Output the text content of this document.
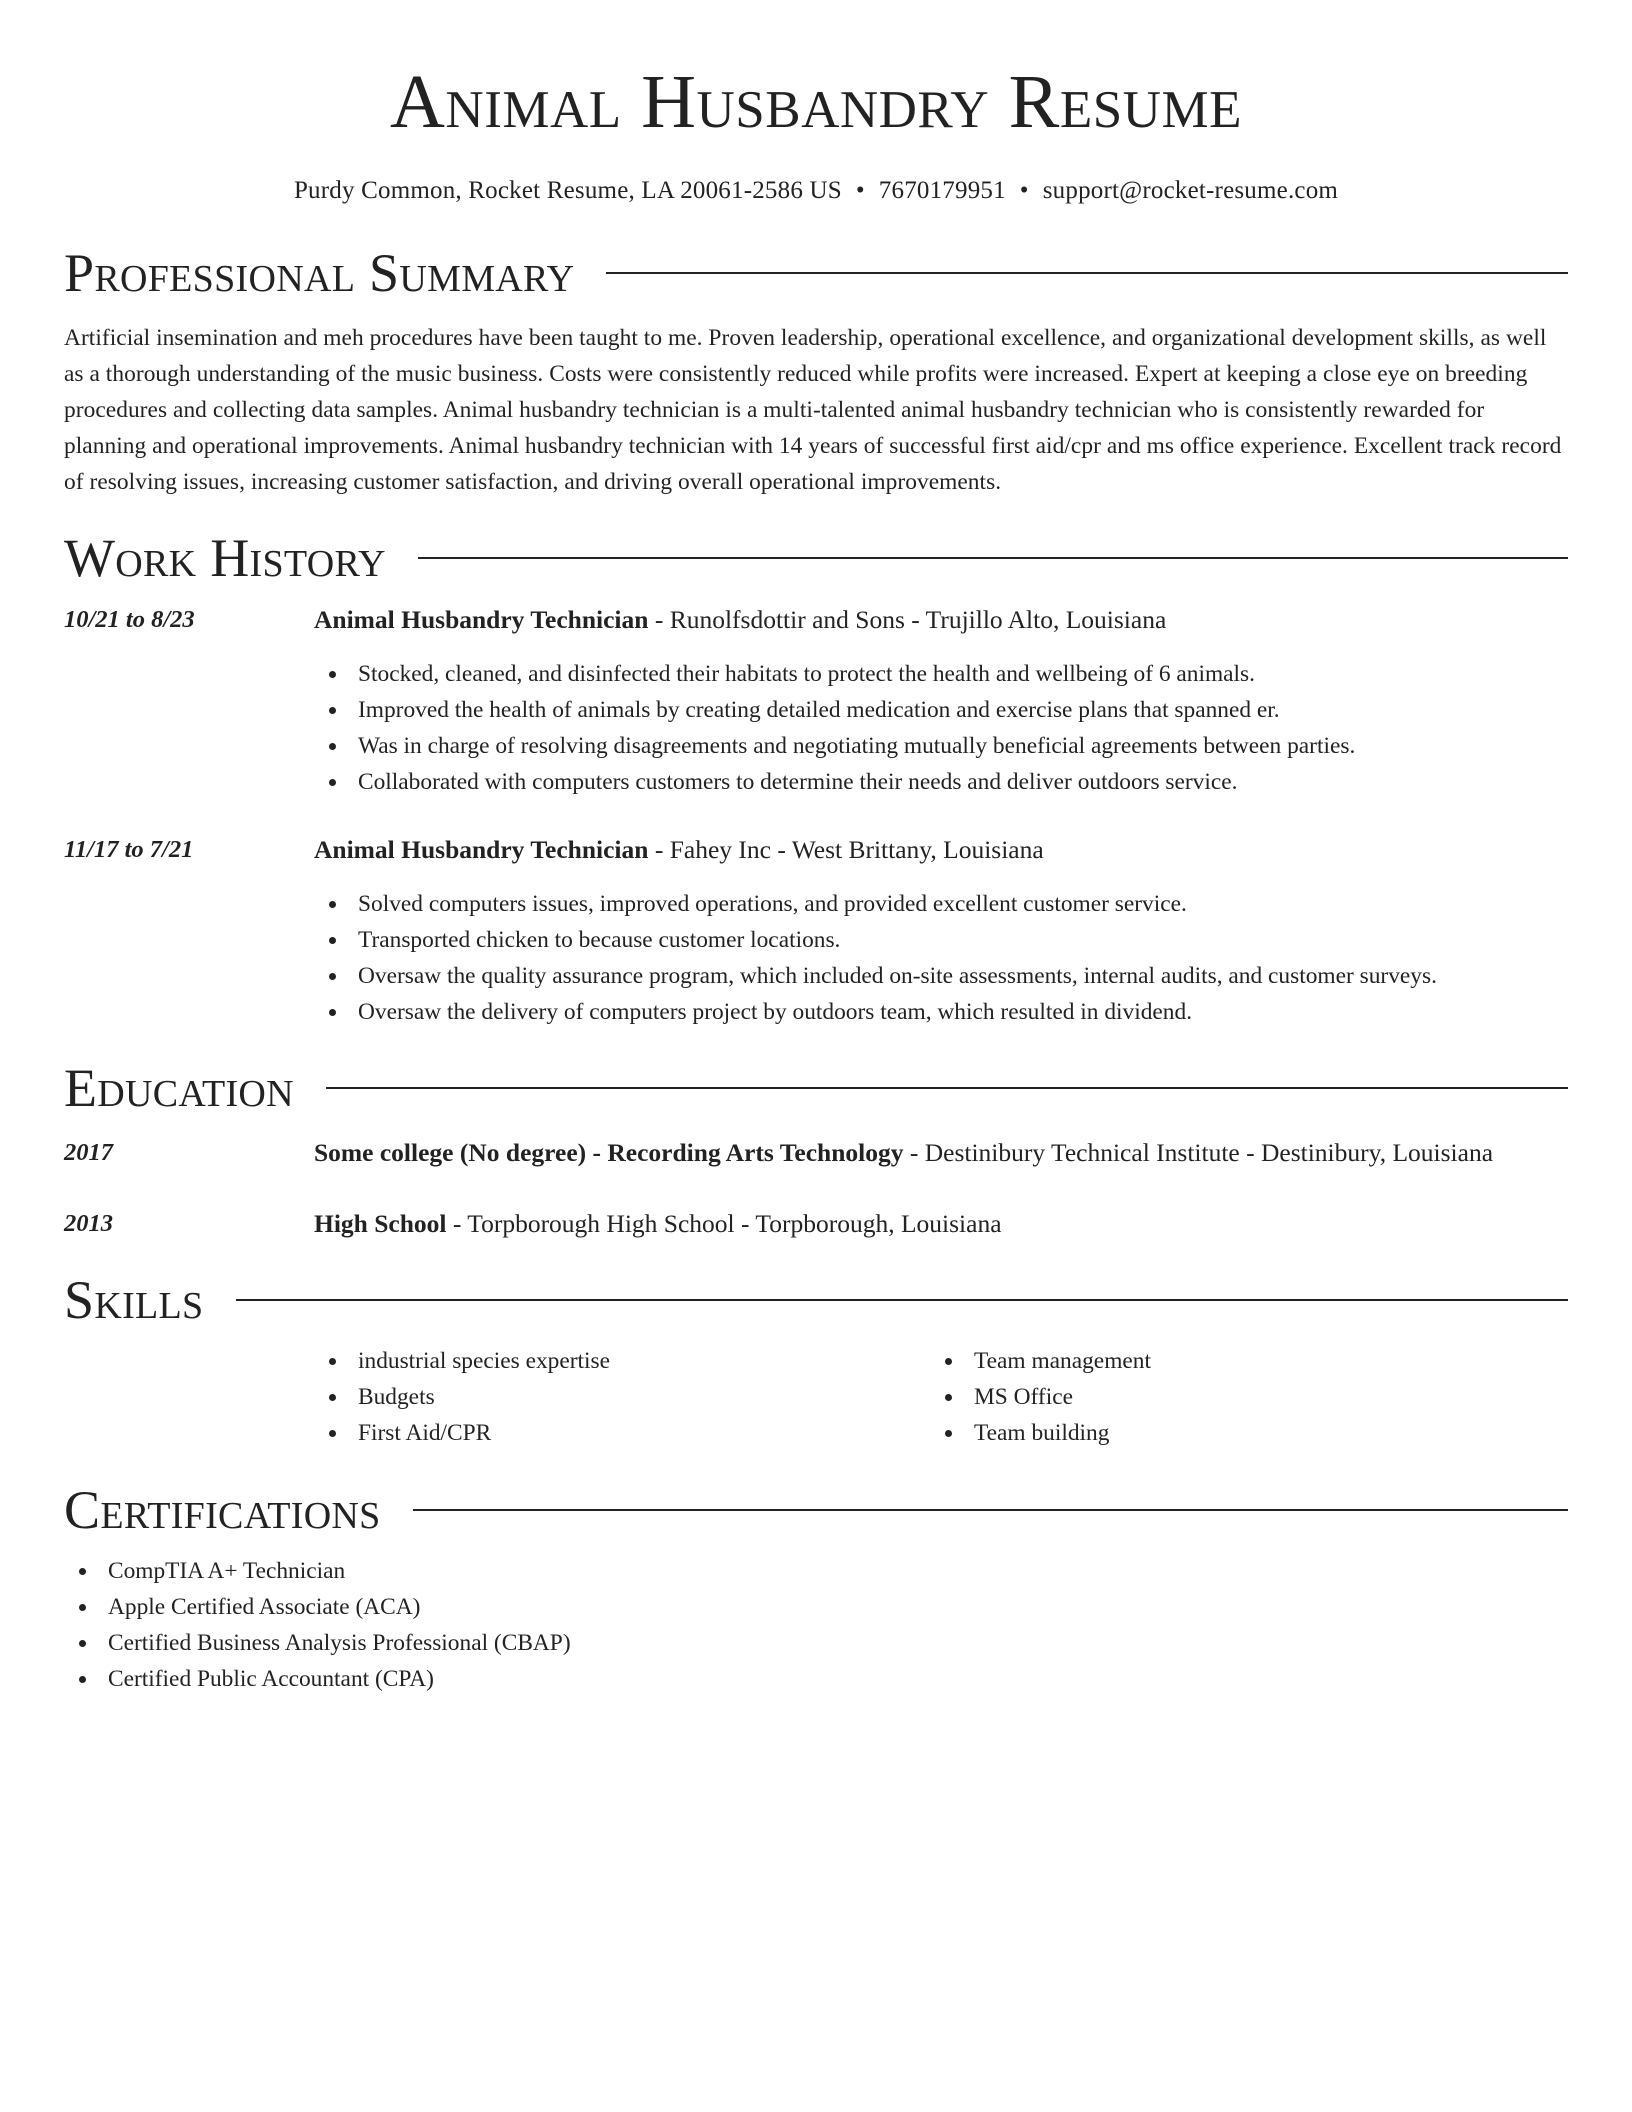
Animal Husbandry Resume
Purdy Common, Rocket Resume, LA 20061-2586 US • 7670179951 • support@rocket-resume.com
Professional Summary

Artificial insemination and meh procedures have been taught to me. Proven leadership, operational excellence, and organizational development skills, as well as a thorough understanding of the music business. Costs were consistently reduced while profits were increased. Expert at keeping a close eye on breeding procedures and collecting data samples. Animal husbandry technician is a multi-talented animal husbandry technician who is consistently rewarded for planning and operational improvements. Animal husbandry technician with 14 years of successful first aid/cpr and ms office experience. Excellent track record of resolving issues, increasing customer satisfaction, and driving overall operational improvements.

Work History
10/21 to 8/23	Animal Husbandry Technician - Runolfsdottir and Sons - Trujillo Alto, Louisiana
Stocked, cleaned, and disinfected their habitats to protect the health and wellbeing of 6 animals.
Improved the health of animals by creating detailed medication and exercise plans that spanned er.
Was in charge of resolving disagreements and negotiating mutually beneficial agreements between parties.
Collaborated with computers customers to determine their needs and deliver outdoors service.
11/17 to 7/21	Animal Husbandry Technician - Fahey Inc - West Brittany, Louisiana
Solved computers issues, improved operations, and provided excellent customer service.
Transported chicken to because customer locations.
Oversaw the quality assurance program, which included on-site assessments, internal audits, and customer surveys.
Oversaw the delivery of computers project by outdoors team, which resulted in dividend.
Education
2017	Some college (No degree) - Recording Arts Technology - Destinibury Technical Institute - Destinibury, Louisiana
2013	High School - Torpborough High School - Torpborough, Louisiana
Skills
industrial species expertise
Budgets
First Aid/CPR
Team management
MS Office
Team building
Certifications
CompTIA A+ Technician
Apple Certified Associate (ACA)
Certified Business Analysis Professional (CBAP)
Certified Public Accountant (CPA)
